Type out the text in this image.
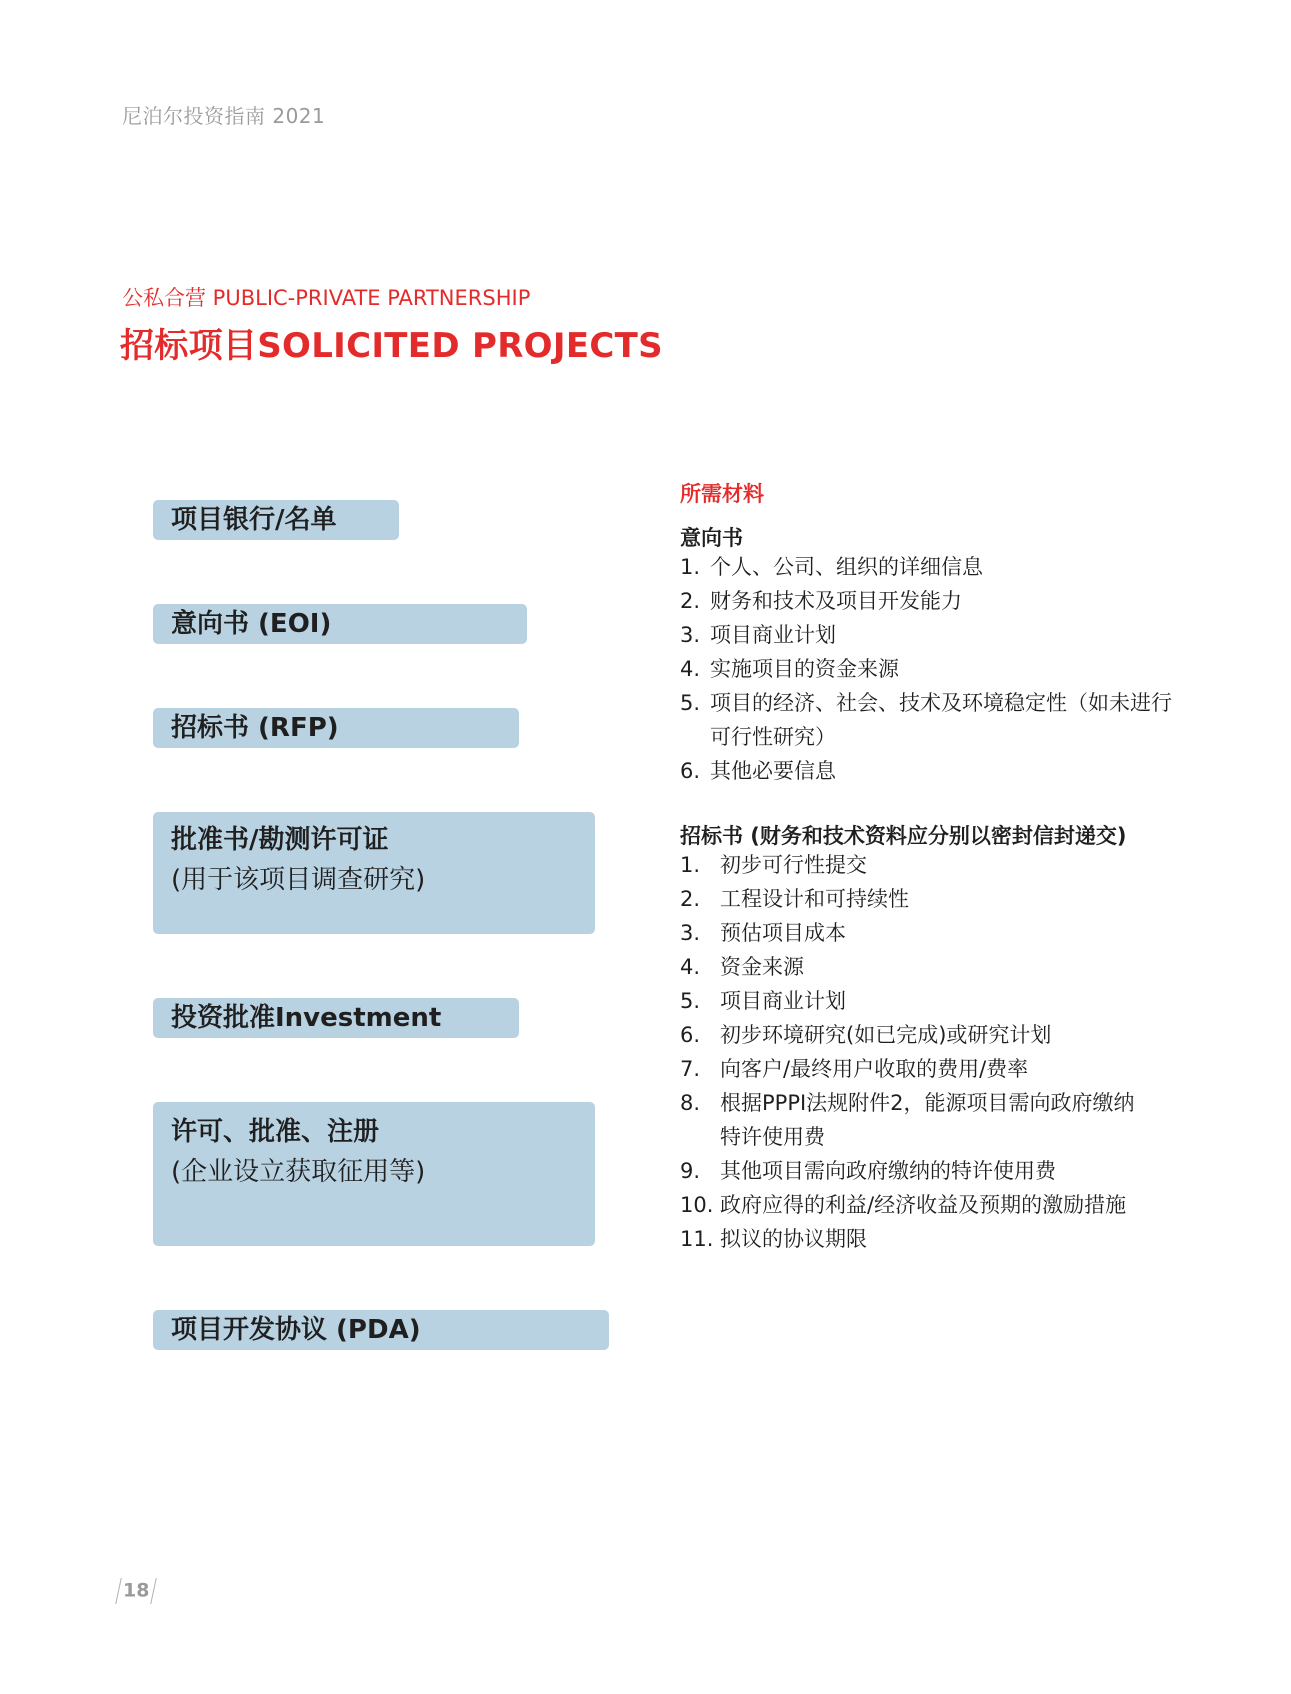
尼泊尔投资指南 2021
公私合营 PUBLIC-PRIVATE PARTNERSHIP
招标项目SOLICITED PROJECTS
项目银行/名单
意向书 (EOI)
招标书 (RFP)
批准书/勘测许可证
(用于该项目调查研究)
投资批准Investment
许可、批准、注册
(企业设立获取征用等)
项目开发协议 (PDA)
所需材料
意向书
1. 个人、公司、组织的详细信息
2. 财务和技术及项目开发能力
3. 项目商业计划
4. 实施项目的资金来源
5. 项目的经济、社会、技术及环境稳定性（如未进行
可行性研究）
6. 其他必要信息
招标书 (财务和技术资料应分别以密封信封递交)
1. 初步可行性提交
2. 工程设计和可持续性
3. 预估项目成本
4. 资金来源
5. 项目商业计划
6. 初步环境研究(如已完成)或研究计划
7. 向客户/最终用户收取的费用/费率
8. 根据PPPI法规附件2，能源项目需向政府缴纳
特许使用费
9. 其他项目需向政府缴纳的特许使用费
10. 政府应得的利益/经济收益及预期的激励措施
11. 拟议的协议期限
18
